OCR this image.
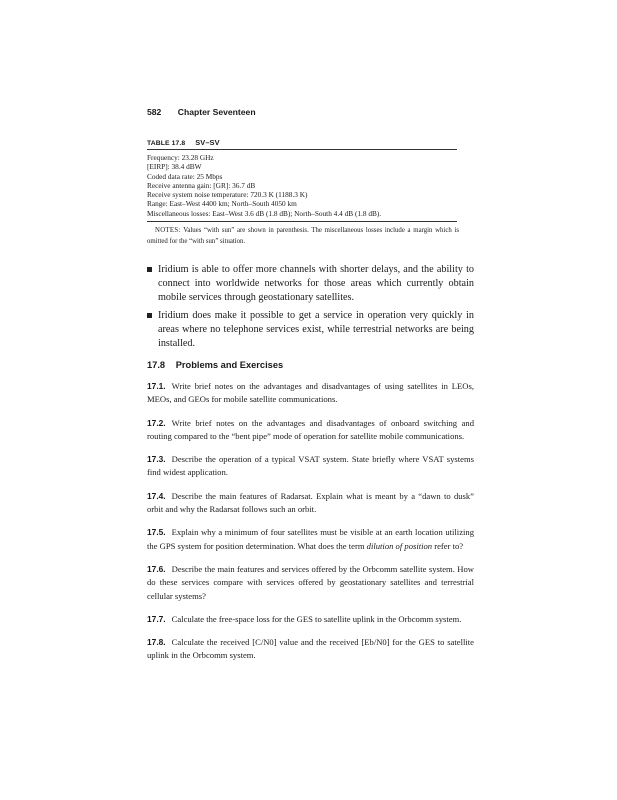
582 Chapter Seventeen
TABLE 17.8 SV–SV
Frequency: 23.28 GHz
[EIRP]: 38.4 dBW
Coded data rate: 25 Mbps
Receive antenna gain: [GR]: 36.7 dB
Receive system noise temperature: 720.3 K (1188.3 K)
Range: East–West 4400 km; North–South 4050 km
Miscellaneous losses: East–West 3.6 dB (1.8 dB); North–South 4.4 dB (1.8 dB).
NOTES: Values “with sun” are shown in parenthesis. The miscellaneous losses include a margin which is omitted for the “with sun” situation.
Iridium is able to offer more channels with shorter delays, and the ability to connect into worldwide networks for those areas which currently obtain mobile services through geostationary satellites.
Iridium does make it possible to get a service in operation very quickly in areas where no telephone services exist, while terrestrial networks are being installed.
17.8 Problems and Exercises

17.1. Write brief notes on the advantages and disadvantages of using satellites in LEOs, MEOs, and GEOs for mobile satellite communications.

17.2. Write brief notes on the advantages and disadvantages of onboard switching and routing compared to the “bent pipe” mode of operation for satellite mobile communications.

17.3. Describe the operation of a typical VSAT system. State briefly where VSAT systems find widest application.

17.4. Describe the main features of Radarsat. Explain what is meant by a “dawn to dusk” orbit and why the Radarsat follows such an orbit.

17.5. Explain why a minimum of four satellites must be visible at an earth location utilizing the GPS system for position determination. What does the term dilution of position refer to?

17.6. Describe the main features and services offered by the Orbcomm satellite system. How do these services compare with services offered by geostationary satellites and terrestrial cellular systems?

17.7. Calculate the free-space loss for the GES to satellite uplink in the Orbcomm system.

17.8. Calculate the received [C/N0] value and the received [Eb/N0] for the GES to satellite uplink in the Orbcomm system.
